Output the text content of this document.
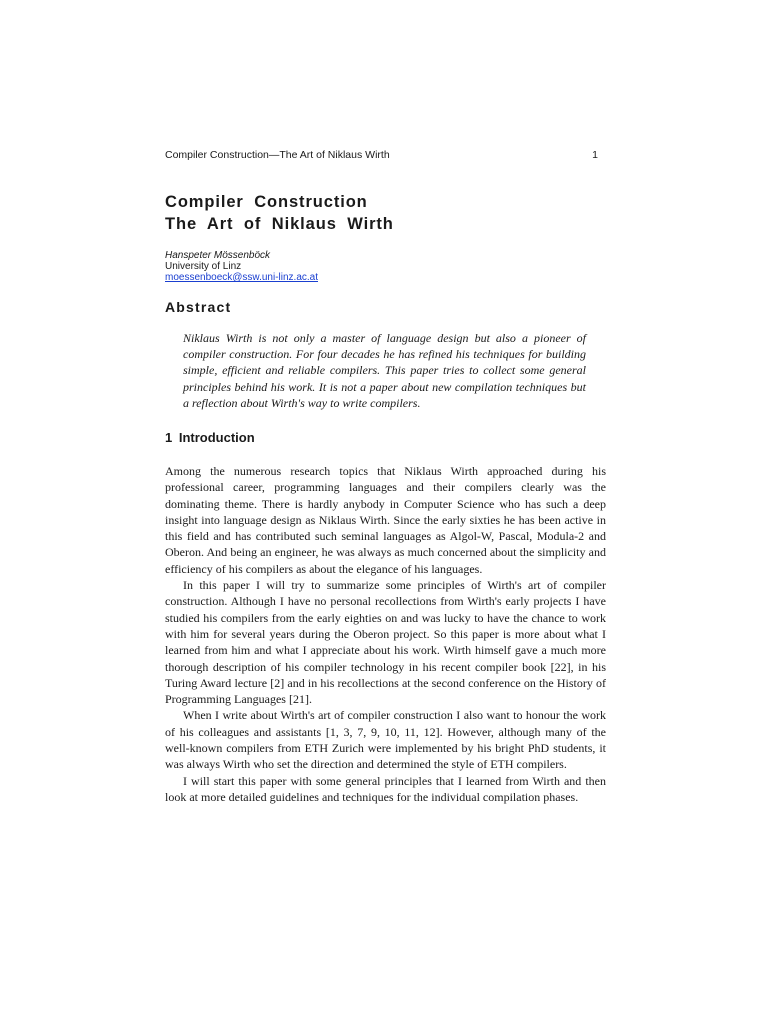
Compiler Construction—The Art of Niklaus Wirth	1
Compiler Construction
The Art of Niklaus Wirth
Hanspeter Mössenböck
University of Linz
moessenboeck@ssw.uni-linz.ac.at
Abstract

Niklaus Wirth is not only a master of language design but also a pioneer of compiler construction. For four decades he has refined his techniques for building simple, efficient and reliable compilers. This paper tries to collect some general principles behind his work. It is not a paper about new compilation techniques but a reflection about Wirth's way to write compilers.

1 Introduction

Among the numerous research topics that Niklaus Wirth approached during his professional career, programming languages and their compilers clearly was the dominating theme. There is hardly anybody in Computer Science who has such a deep insight into language design as Niklaus Wirth. Since the early sixties he has been active in this field and has contributed such seminal languages as Algol-W, Pascal, Modula-2 and Oberon. And being an engineer, he was always as much concerned about the simplicity and efficiency of his compilers as about the elegance of his languages.

In this paper I will try to summarize some principles of Wirth's art of compiler construction. Although I have no personal recollections from Wirth's early projects I have studied his compilers from the early eighties on and was lucky to have the chance to work with him for several years during the Oberon project. So this paper is more about what I learned from him and what I appreciate about his work. Wirth himself gave a much more thorough description of his compiler technology in his recent compiler book [22], in his Turing Award lecture [2] and in his recollections at the second conference on the History of Programming Languages [21].

When I write about Wirth's art of compiler construction I also want to honour the work of his colleagues and assistants [1, 3, 7, 9, 10, 11, 12]. However, although many of the well-known compilers from ETH Zurich were implemented by his bright PhD students, it was always Wirth who set the direction and determined the style of ETH compilers.

I will start this paper with some general principles that I learned from Wirth and then look at more detailed guidelines and techniques for the individual compilation phases.
